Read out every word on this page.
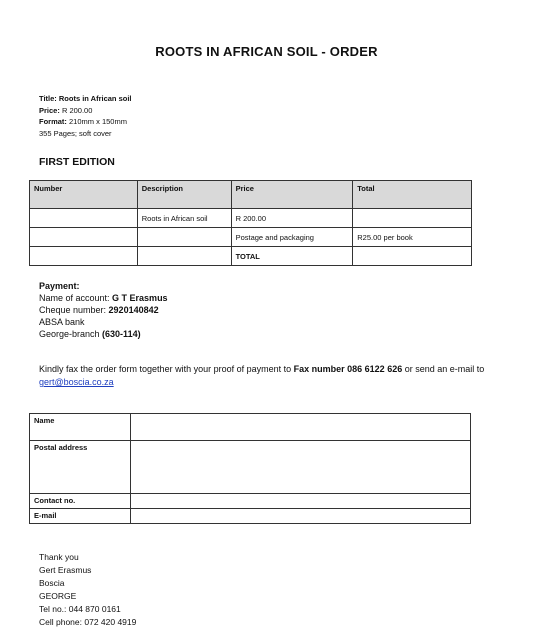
ROOTS IN AFRICAN SOIL - ORDER
Title: Roots in African soil
Price: R 200.00
Format: 210mm x 150mm
355 Pages; soft cover
FIRST EDITION
Number	Description	Price	Total
	Roots in African soil	R 200.00	
		Postage and packaging	R25.00 per book
		TOTAL	
Payment:
Name of account: G T Erasmus
Cheque number: 2920140842
ABSA bank
George-branch (630-114)
Kindly fax the order form together with your proof of payment to Fax number 086 6122 626 or send an e-mail to gert@boscia.co.za
Name	
Postal address	
Contact no.	
E-mail	
Thank you
Gert Erasmus
Boscia
GEORGE
Tel no.: 044 870 0161
Cell phone: 072 420 4919
